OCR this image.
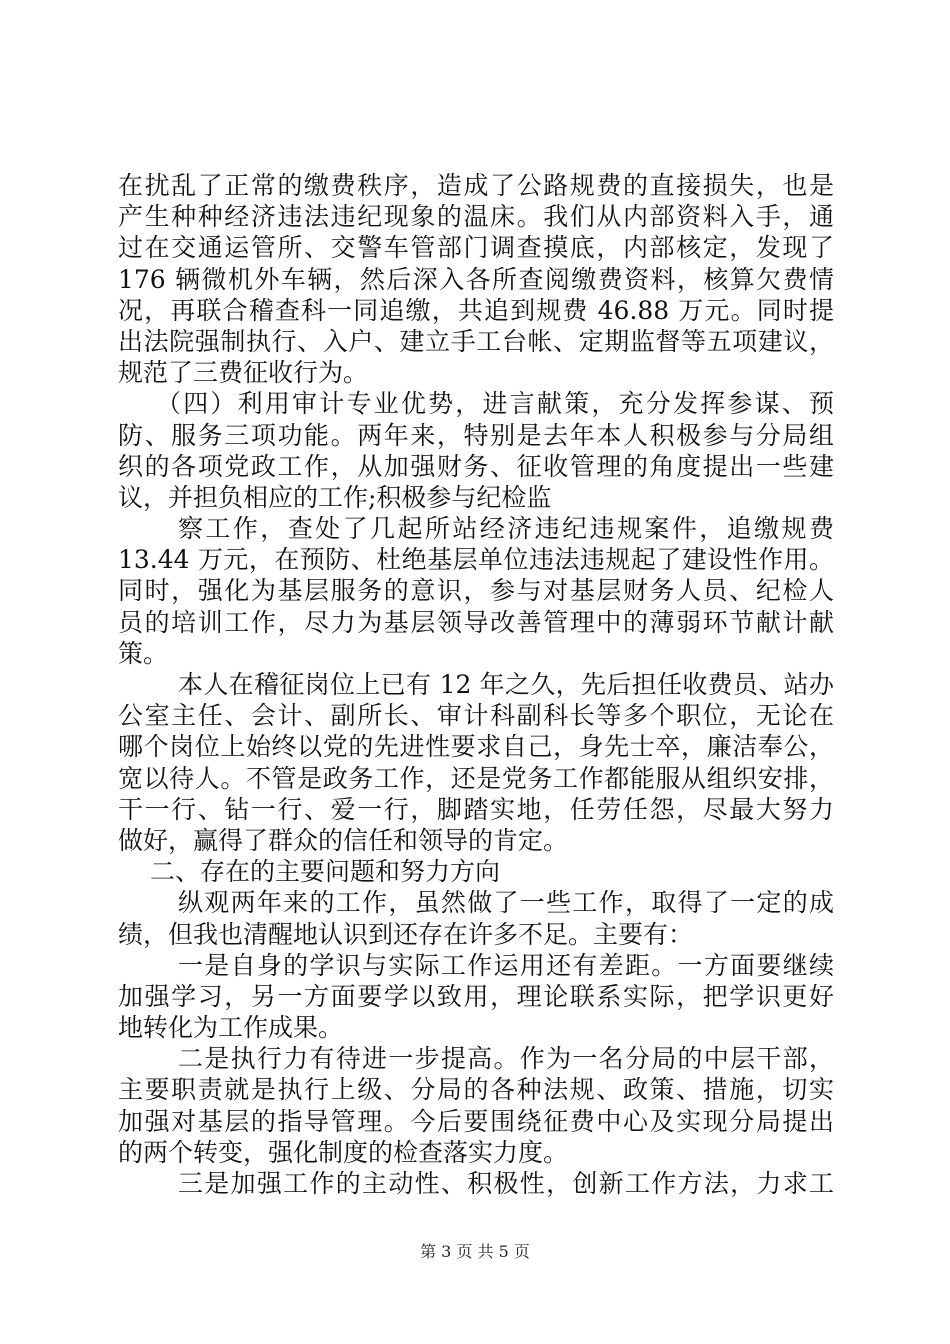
在扰乱了正常的缴费秩序，造成了公路规费的直接损失，也是
产生种种经济违法违纪现象的温床。我们从内部资料入手，通
过在交通运管所、交警车管部门调查摸底，内部核定，发现了
176 辆微机外车辆，然后深入各所查阅缴费资料，核算欠费情
况，再联合稽查科一同追缴，共追到规费 46.88 万元。同时提
出法院强制执行、入户、建立手工台帐、定期监督等五项建议，
规范了三费征收行为。
（四）利用审计专业优势，进言献策，充分发挥参谋、预
防、服务三项功能。两年来，特别是去年本人积极参与分局组
织的各项党政工作，从加强财务、征收管理的角度提出一些建
议，并担负相应的工作;积极参与纪检监
察工作，查处了几起所站经济违纪违规案件，追缴规费
13.44 万元，在预防、杜绝基层单位违法违规起了建设性作用。
同时，强化为基层服务的意识，参与对基层财务人员、纪检人
员的培训工作，尽力为基层领导改善管理中的薄弱环节献计献
策。
本人在稽征岗位上已有 12 年之久，先后担任收费员、站办
公室主任、会计、副所长、审计科副科长等多个职位，无论在
哪个岗位上始终以党的先进性要求自己，身先士卒，廉洁奉公，
宽以待人。不管是政务工作，还是党务工作都能服从组织安排，
干一行、钻一行、爱一行，脚踏实地，任劳任怨，尽最大努力
做好，赢得了群众的信任和领导的肯定。
二、存在的主要问题和努力方向
纵观两年来的工作，虽然做了一些工作，取得了一定的成
绩，但我也清醒地认识到还存在许多不足。主要有：
一是自身的学识与实际工作运用还有差距。一方面要继续
加强学习，另一方面要学以致用，理论联系实际，把学识更好
地转化为工作成果。
二是执行力有待进一步提高。作为一名分局的中层干部，
主要职责就是执行上级、分局的各种法规、政策、措施，切实
加强对基层的指导管理。今后要围绕征费中心及实现分局提出
的两个转变，强化制度的检查落实力度。
三是加强工作的主动性、积极性，创新工作方法，力求工
第 3 页 共 5 页
